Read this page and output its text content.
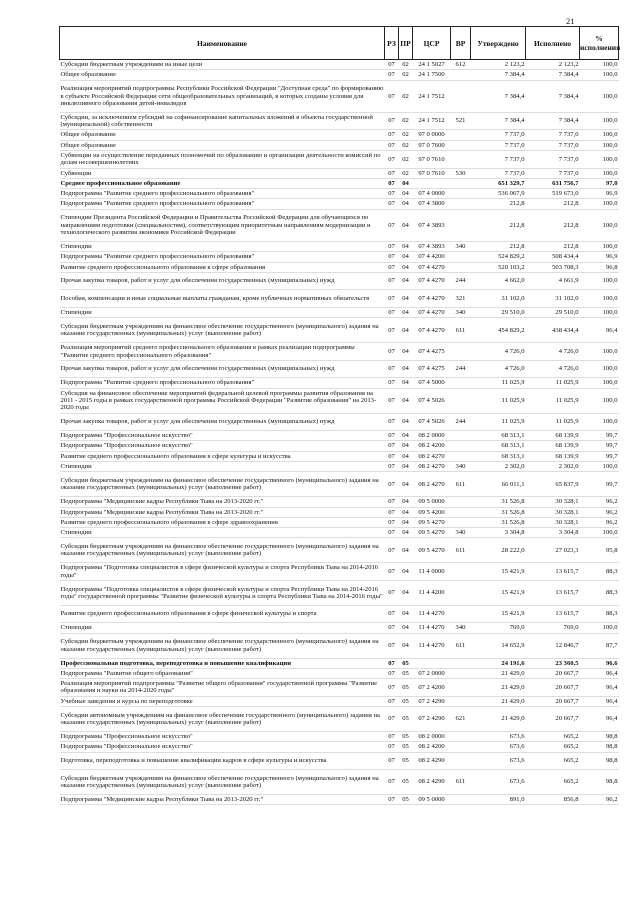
21
Наименование	РЗ	ПР	ЦСР	ВР	Утверждено	Исполнено	% исполнения
Субсидии бюджетным учреждениям на иные цели	07	02	24 1 5027	612	2 123,2	2 123,2	100,0
Общее образование	07	02	24 1 7500		7 384,4	7 384,4	100,0
Реализация мероприятий подпрограммы Республики Российской Федерации "Доступная среда" по формированию в субъекте Российской Федерации сети общеобразовательных организаций, в которых созданы условия для инклюзивного образования детей-инвалидов	07	02	24 1 7512		7 384,4	7 384,4	100,0
Субсидии, за исключением субсидий на софинансирование капитальных вложений в объекты государственной (муниципальной) собственности	07	02	24 1 7512	521	7 384,4	7 384,4	100,0
Общее образование	07	02	97 0 0000		7 737,0	7 737,0	100,0
Общее образование	07	02	97 0 7600		7 737,0	7 737,0	100,0
Субвенции на осуществление переданных полномочий по образованию и организации деятельности комиссий по делам несовершеннолетних	07	02	97 0 7610		7 737,0	7 737,0	100,0
Субвенции	07	02	97 0 7610	530	7 737,0	7 737,0	100,0
Среднее профессиональное образование	07	04			651 329,7	631 756,7	97,0
Подпрограмма "Развитие среднего профессионального образования"	07	04	07 4 0000		536 067,9	519 673,0	96,9
Подпрограмма "Развитие среднего профессионального образования"	07	04	07 4 3800		212,8	212,8	100,0
Стипендии Президента Российской Федерации и Правительства Российской Федерации для обучающихся по направлениям подготовки (специальностям), соответствующим приоритетным направлениям модернизации и технологического развития экономики Российской Федерации	07	04	07 4 3893		212,8	212,8	100,0
Стипендии	07	04	07 4 3893	340	212,8	212,8	100,0
Подпрограмма "Развитие среднего профессионального образования"	07	04	07 4 4200		524 829,2	508 434,4	96,9
Развитие среднего профессионального образования в сфере образования	07	04	07 4 4270		520 103,2	503 708,3	96,8
Прочая закупка товаров, работ и услуг для обеспечения государственных (муниципальных) нужд	07	04	07 4 4270	244	4 662,0	4 661,9	100,0
Пособия, компенсации и иные социальные выплаты гражданам, кроме публичных нормативных обязательств	07	04	07 4 4270	321	31 102,0	31 102,0	100,0
Стипендии	07	04	07 4 4270	340	29 510,0	29 510,0	100,0
Субсидии бюджетным учреждениям на финансовое обеспечение государственного (муниципального) задания на оказание государственных (муниципальных) услуг (выполнение работ)	07	04	07 4 4270	611	454 829,2	438 434,4	96,4
Реализация мероприятий среднего профессионального образования в рамках реализации подпрограммы "Развитие среднего профессионального образования"	07	04	07 4 4275		4 726,0	4 726,0	100,0
Прочая закупка товаров, работ и услуг для обеспечения государственных (муниципальных) нужд	07	04	07 4 4275	244	4 726,0	4 726,0	100,0
Подпрограмма "Развитие среднего профессионального образования"	07	04	07 4 5000		11 025,9	11 025,9	100,0
Субсидия на финансовое обеспечение мероприятий федеральной целевой программы развития образования на 2011 - 2015 годы в рамках государственной программы Российской Федерации "Развитие образования" на 2013-2020 годы	07	04	07 4 5026		11 025,9	11 025,9	100,0
Прочая закупка товаров, работ и услуг для обеспечения государственных (муниципальных) нужд	07	04	07 4 5026	244	11 025,9	11 025,9	100,0
Подпрограмма "Профессиональное искусство"	07	04	08 2 0000		68 313,1	68 139,9	99,7
Подпрограмма "Профессиональное искусство"	07	04	08 2 4200		68 313,1	68 139,9	99,7
Развитие среднего профессионального образования в сфере культуры и искусства	07	04	08 2 4270		68 313,1	68 139,9	99,7
Стипендии	07	04	08 2 4270	340	2 302,0	2 302,0	100,0
Субсидии бюджетным учреждениям на финансовое обеспечение государственного (муниципального) задания на оказание государственных (муниципальных) услуг (выполнение работ)	07	04	08 2 4270	611	66 011,1	65 837,9	99,7
Подпрограмма "Медицинские кадры Республики Тыва на 2013-2020 гг."	07	04	09 5 0000		31 526,8	30 328,1	96,2
Подпрограмма "Медицинские кадры Республики Тыва на 2013-2020 гг."	07	04	09 5 4200		31 526,8	30 328,1	96,2
Развитие среднего профессионального образования в сфере здравоохранения	07	04	09 5 4270		31 526,8	30 328,1	96,2
Стипендии	07	04	09 5 4270	340	3 304,8	3 304,8	100,0
Субсидии бюджетным учреждениям на финансовое обеспечение государственного (муниципального) задания на оказание государственных (муниципальных) услуг (выполнение работ)	07	04	09 5 4270	611	28 222,0	27 023,3	95,8
Подпрограмма "Подготовка специалистов в сфере физической культуры и спорта Республики Тыва на 2014-2016 годы"	07	04	11 4 0000		15 421,9	13 615,7	88,3
Подпрограмма "Подготовка специалистов в сфере физической культуры и спорта Республики Тыва на 2014-2016 годы" государственной программы "Развитие физической культуры и спорта Республики Тыва на 2014-2016 годы"	07	04	11 4 4200		15 421,9	13 615,7	88,3
Развитие среднего профессионального образования в сфере физической культуры и спорта	07	04	11 4 4270		15 421,9	13 615,7	88,3
Стипендии	07	04	11 4 4270	340	769,0	769,0	100,0
Субсидии бюджетным учреждениям на финансовое обеспечение государственного (муниципального) задания на оказание государственных (муниципальных) услуг (выполнение работ)	07	04	11 4 4270	611	14 652,9	12 846,7	87,7
Профессиональная подготовка, переподготовка и повышение квалификации	07	05			24 191,6	23 360,5	96,6
Подпрограмма "Развитие общего образования"	07	05	07 2 0000		21 429,0	20 667,7	96,4
Реализация мероприятий подпрограммы "Развитие общего образования" государственной программы "Развитие образования и науки на 2014-2020 годы"	07	05	07 2 4200		21 429,0	20 667,7	96,4
Учебные заведения и курсы по переподготовке	07	05	07 2 4290		21 429,0	20 667,7	96,4
Субсидии автономным учреждениям на финансовое обеспечение государственного (муниципального) задания на оказание государственных (муниципальных) услуг (выполнение работ)	07	05	07 2 4290	621	21 429,0	20 667,7	96,4
Подпрограмма "Профессиональное искусство"	07	05	08 2 0000		673,6	665,2	98,8
Подпрограмма "Профессиональное искусство"	07	05	08 2 4200		673,6	665,2	98,8
Подготовка, переподготовка и повышение квалификации кадров в сфере культуры и искусства	07	05	08 2 4290		673,6	665,2	98,8
Субсидии бюджетным учреждениям на финансовое обеспечение государственного (муниципального) задания на оказание государственных (муниципальных) услуг (выполнение работ)	07	05	08 2 4290	611	673,6	665,2	98,8
Подпрограмма "Медицинские кадры Республики Тыва на 2013-2020 гг."	07	05	09 5 0000		891,0	856,8	96,2
